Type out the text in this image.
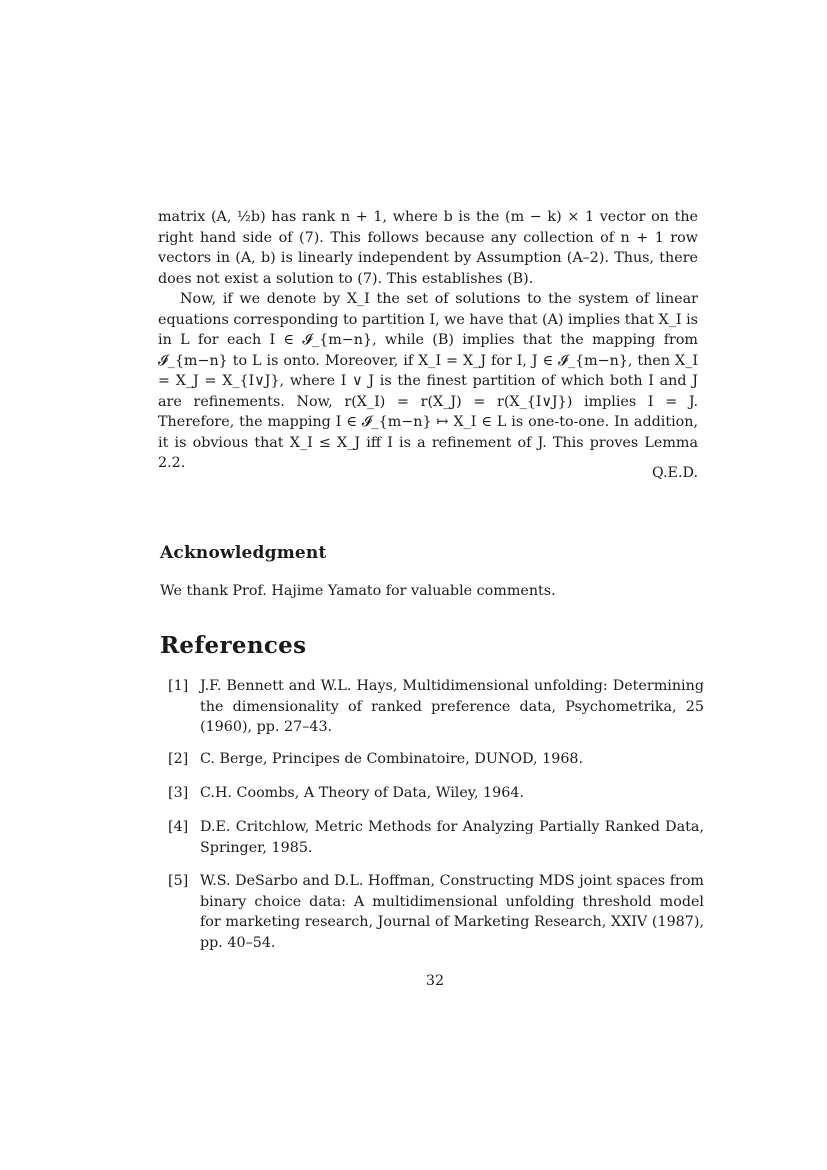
matrix (A, ½b) has rank n + 1, where b is the (m − k) × 1 vector on the right hand side of (7). This follows because any collection of n + 1 row vectors in (A, b) is linearly independent by Assumption (A–2). Thus, there does not exist a solution to (7). This establishes (B).

Now, if we denote by X_I the set of solutions to the system of linear equations corresponding to partition I, we have that (A) implies that X_I is in L for each I ∈ 𝓘_{m−n}, while (B) implies that the mapping from 𝓘_{m−n} to L is onto. Moreover, if X_I = X_J for I, J ∈ 𝓘_{m−n}, then X_I = X_J = X_{I∨J}, where I ∨ J is the finest partition of which both I and J are refinements. Now, r(X_I) = r(X_J) = r(X_{I∨J}) implies I = J. Therefore, the mapping I ∈ 𝓘_{m−n} ↦ X_I ∈ L is one-to-one. In addition, it is obvious that X_I ≤ X_J iff I is a refinement of J. This proves Lemma 2.2.

Q.E.D.
Acknowledgment
We thank Prof. Hajime Yamato for valuable comments.
References
[1] J.F. Bennett and W.L. Hays, Multidimensional unfolding: Determining the dimensionality of ranked preference data, Psychometrika, 25 (1960), pp. 27–43.
[2] C. Berge, Principes de Combinatoire, DUNOD, 1968.
[3] C.H. Coombs, A Theory of Data, Wiley, 1964.
[4] D.E. Critchlow, Metric Methods for Analyzing Partially Ranked Data, Springer, 1985.
[5] W.S. DeSarbo and D.L. Hoffman, Constructing MDS joint spaces from binary choice data: A multidimensional unfolding threshold model for marketing research, Journal of Marketing Research, XXIV (1987), pp. 40–54.
32
